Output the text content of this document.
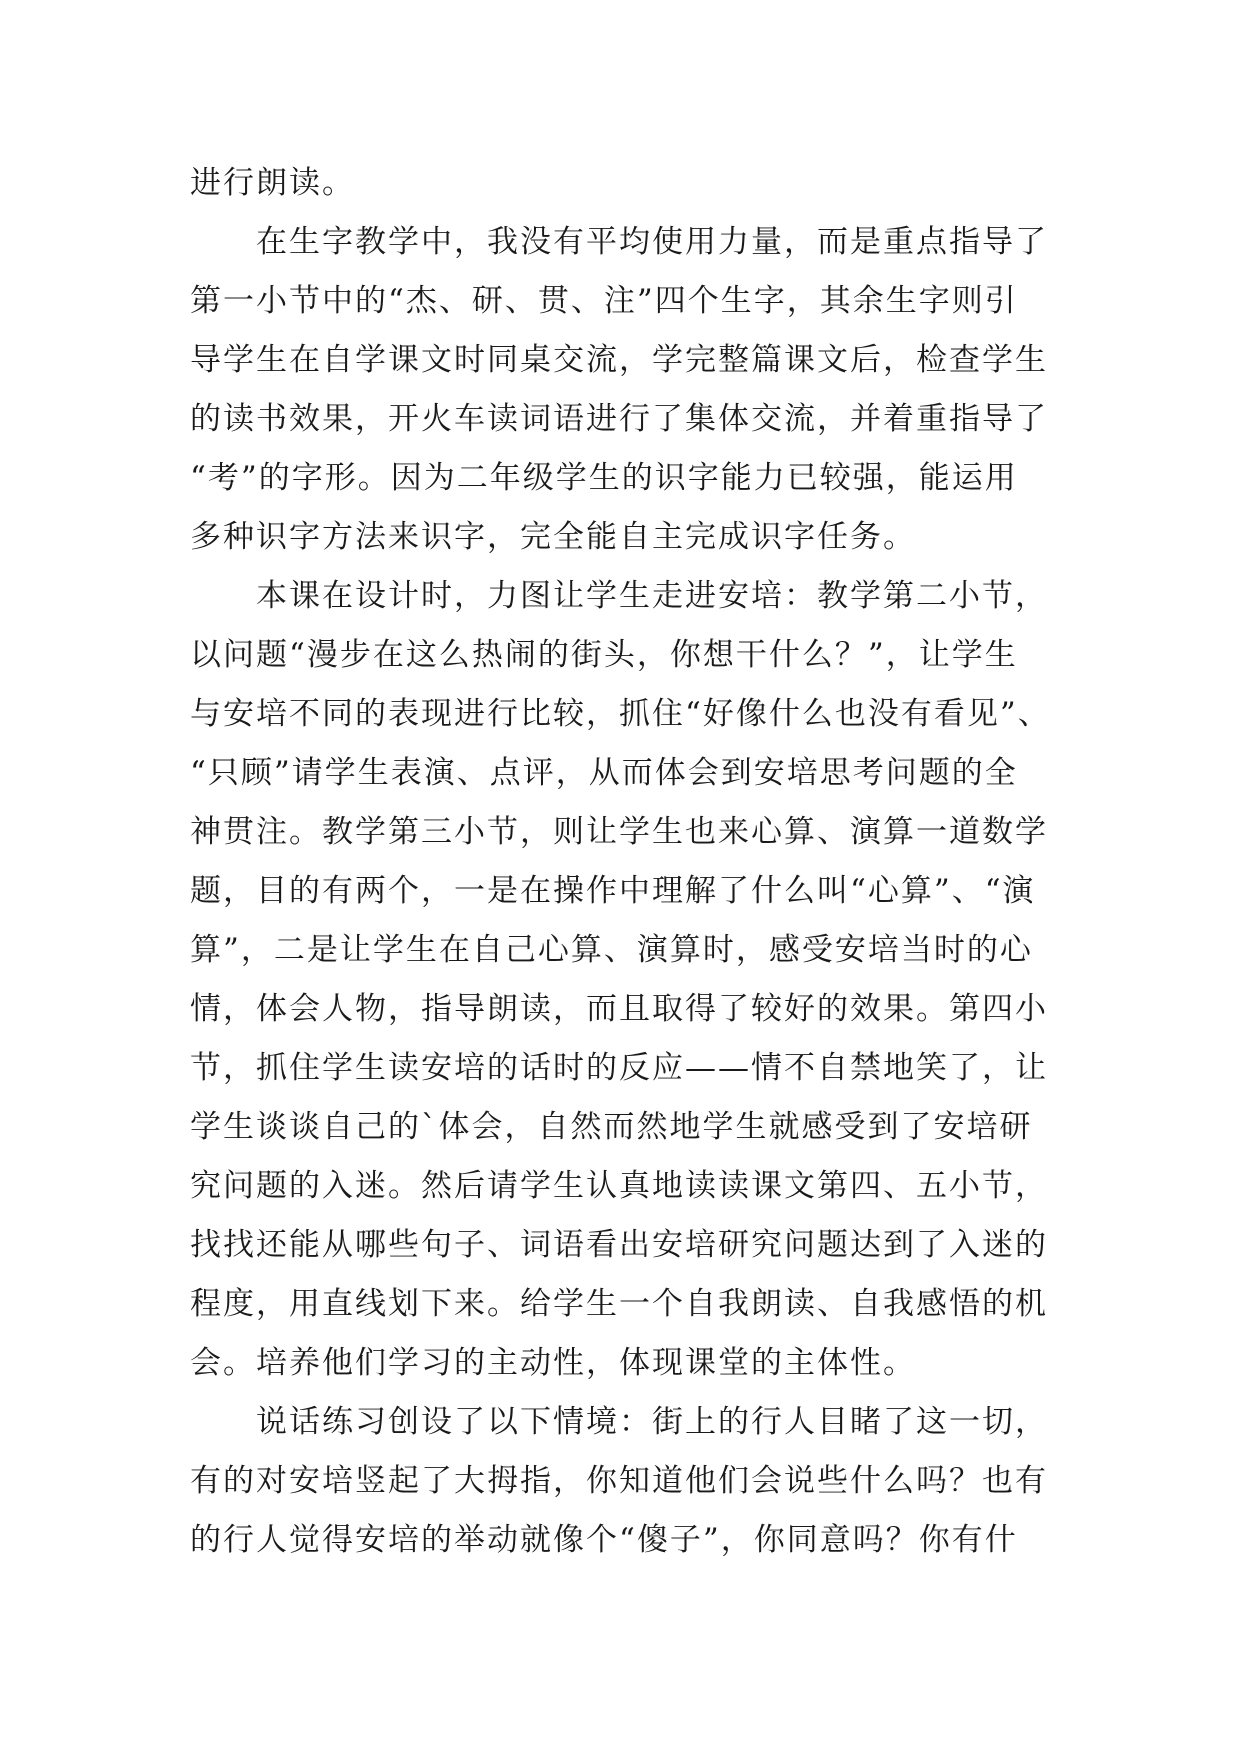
进行朗读。
在生字教学中，我没有平均使用力量，而是重点指导了
第一小节中的“杰、研、贯、注”四个生字，其余生字则引
导学生在自学课文时同桌交流，学完整篇课文后，检查学生
的读书效果，开火车读词语进行了集体交流，并着重指导了
“考”的字形。因为二年级学生的识字能力已较强，能运用
多种识字方法来识字，完全能自主完成识字任务。
本课在设计时，力图让学生走进安培：教学第二小节，
以问题“漫步在这么热闹的街头，你想干什么？”，让学生
与安培不同的表现进行比较，抓住“好像什么也没有看见”、
“只顾”请学生表演、点评，从而体会到安培思考问题的全
神贯注。教学第三小节，则让学生也来心算、演算一道数学
题，目的有两个，一是在操作中理解了什么叫“心算”、“演
算”，二是让学生在自己心算、演算时，感受安培当时的心
情，体会人物，指导朗读，而且取得了较好的效果。第四小
节，抓住学生读安培的话时的反应——情不自禁地笑了，让
学生谈谈自己的`体会，自然而然地学生就感受到了安培研
究问题的入迷。然后请学生认真地读读课文第四、五小节，
找找还能从哪些句子、词语看出安培研究问题达到了入迷的
程度，用直线划下来。给学生一个自我朗读、自我感悟的机
会。培养他们学习的主动性，体现课堂的主体性。
说话练习创设了以下情境：街上的行人目睹了这一切，
有的对安培竖起了大拇指，你知道他们会说些什么吗？也有
的行人觉得安培的举动就像个“傻子”，你同意吗？你有什
